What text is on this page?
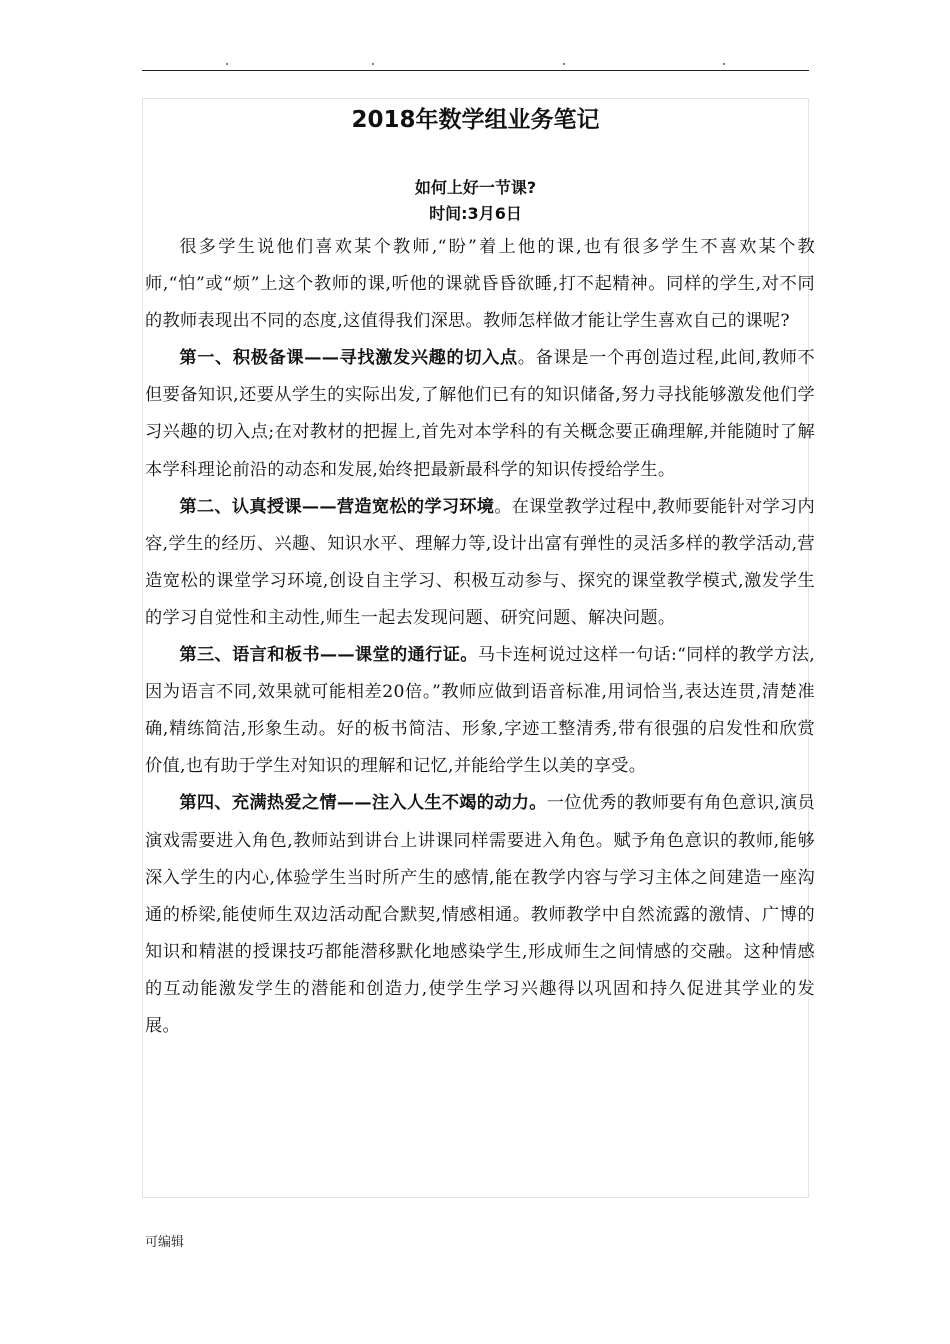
2018年数学组业务笔记

如何上好一节课?

时间:3月6日

很多学生说他们喜欢某个教师,“盼”着上他的课,也有很多学生不喜欢某个教师,“怕”或“烦”上这个教师的课,听他的课就昏昏欲睡,打不起精神。同样的学生,对不同的教师表现出不同的态度,这值得我们深思。教师怎样做才能让学生喜欢自己的课呢?

第一、积极备课——寻找激发兴趣的切入点。备课是一个再创造过程,此间,教师不但要备知识,还要从学生的实际出发,了解他们已有的知识储备,努力寻找能够激发他们学习兴趣的切入点;在对教材的把握上,首先对本学科的有关概念要正确理解,并能随时了解本学科理论前沿的动态和发展,始终把最新最科学的知识传授给学生。

第二、认真授课——营造宽松的学习环境。在课堂教学过程中,教师要能针对学习内容,学生的经历、兴趣、知识水平、理解力等,设计出富有弹性的灵活多样的教学活动,营造宽松的课堂学习环境,创设自主学习、积极互动参与、探究的课堂教学模式,激发学生的学习自觉性和主动性,师生一起去发现问题、研究问题、解决问题。

第三、语言和板书——课堂的通行证。马卡连柯说过这样一句话:“同样的教学方法,因为语言不同,效果就可能相差20倍。”教师应做到语音标准,用词恰当,表达连贯,清楚准确,精练简洁,形象生动。好的板书简洁、形象,字迹工整清秀,带有很强的启发性和欣赏价值,也有助于学生对知识的理解和记忆,并能给学生以美的享受。

第四、充满热爱之情——注入人生不竭的动力。一位优秀的教师要有角色意识,演员演戏需要进入角色,教师站到讲台上讲课同样需要进入角色。赋予角色意识的教师,能够深入学生的内心,体验学生当时所产生的感情,能在教学内容与学习主体之间建造一座沟通的桥梁,能使师生双边活动配合默契,情感相通。教师教学中自然流露的激情、广博的知识和精湛的授课技巧都能潜移默化地感染学生,形成师生之间情感的交融。这种情感的互动能激发学生的潜能和创造力,使学生学习兴趣得以巩固和持久促进其学业的发展。

可编辑
